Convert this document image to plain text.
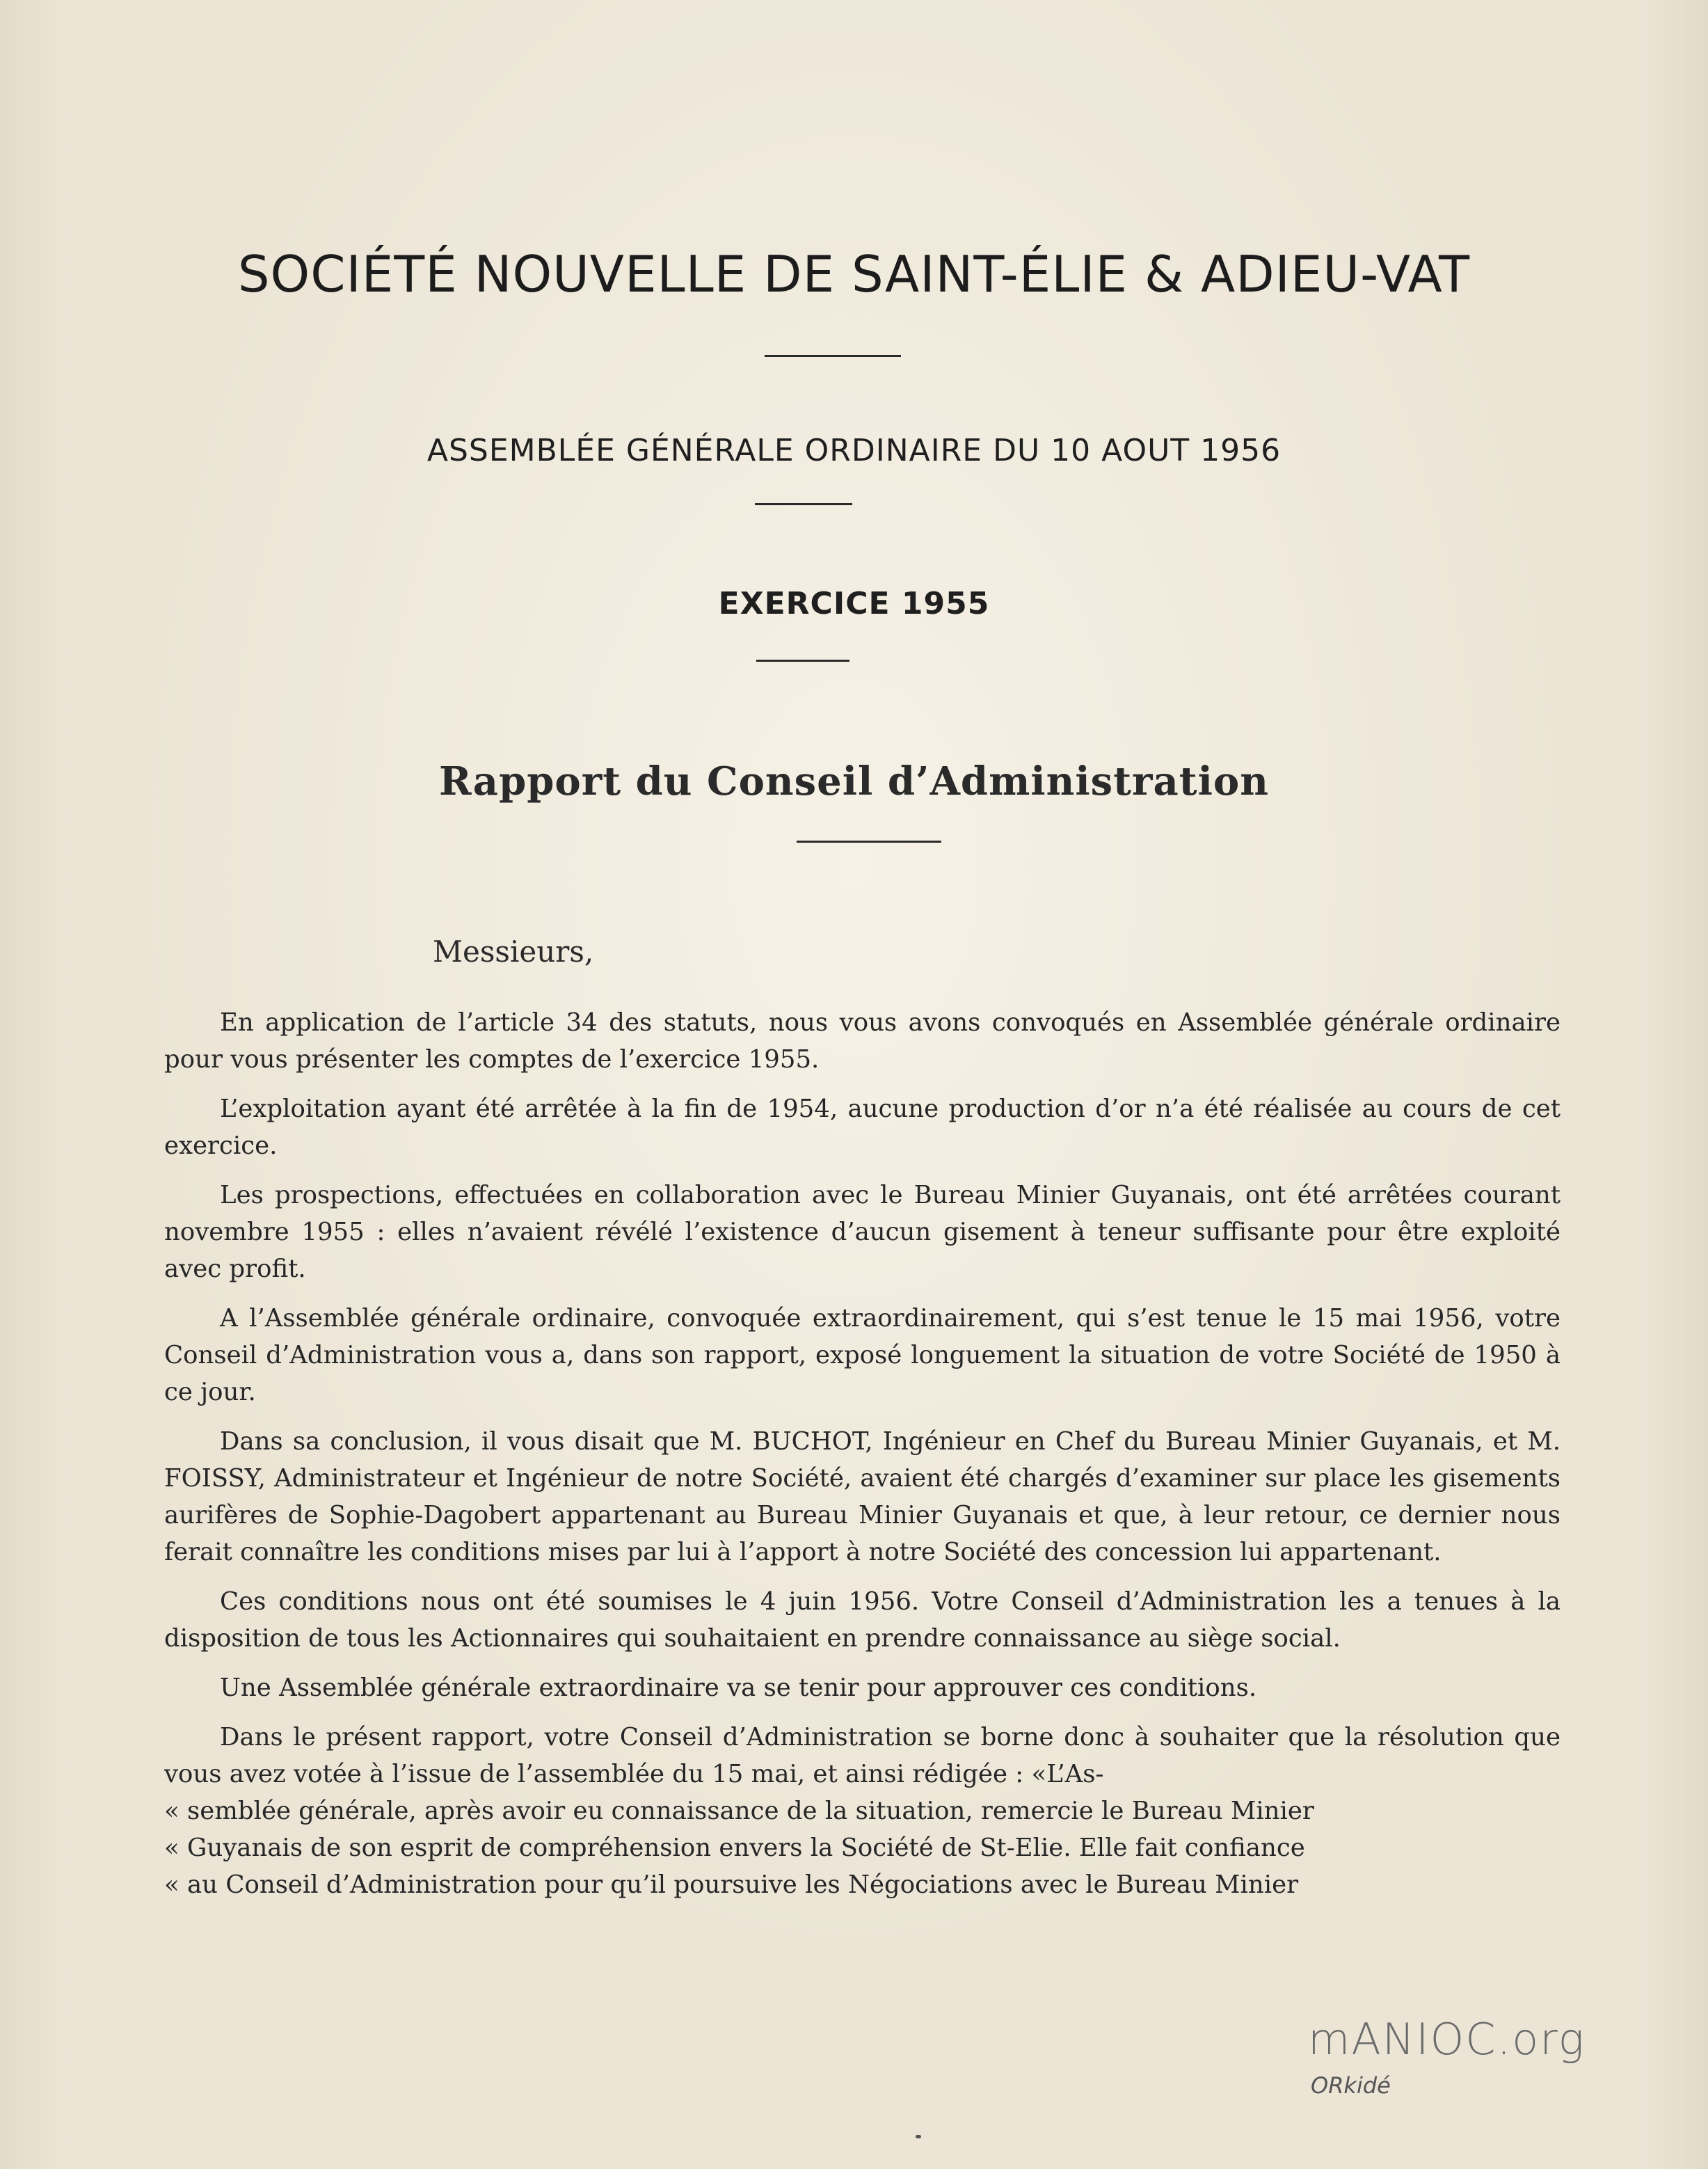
SOCIÉTÉ NOUVELLE DE SAINT-ÉLIE & ADIEU-VAT
ASSEMBLÉE GÉNÉRALE ORDINAIRE DU 10 AOUT 1956
EXERCICE 1955
Rapport du Conseil d’Administration
Messieurs,

En application de l’article 34 des statuts, nous vous avons convoqués en Assemblée générale ordinaire pour vous présenter les comptes de l’exercice 1955.

L’exploitation ayant été arrêtée à la fin de 1954, aucune production d’or n’a été réalisée au cours de cet exercice.

Les prospections, effectuées en collaboration avec le Bureau Minier Guyanais, ont été arrêtées courant novembre 1955 : elles n’avaient révélé l’existence d’aucun gisement à teneur suffisante pour être exploité avec profit.

A l’Assemblée générale ordinaire, convoquée extraordinairement, qui s’est tenue le 15 mai 1956, votre Conseil d’Administration vous a, dans son rapport, exposé longuement la situation de votre Société de 1950 à ce jour.

Dans sa conclusion, il vous disait que M. BUCHOT, Ingénieur en Chef du Bureau Minier Guyanais, et M. FOISSY, Administrateur et Ingénieur de notre Société, avaient été chargés d’examiner sur place les gisements aurifères de Sophie-Dagobert appartenant au Bureau Minier Guyanais et que, à leur retour, ce dernier nous ferait connaître les conditions mises par lui à l’apport à notre Société des concession lui appartenant.

Ces conditions nous ont été soumises le 4 juin 1956. Votre Conseil d’Administration les a tenues à la disposition de tous les Actionnaires qui souhaitaient en prendre connaissance au siège social.

Une Assemblée générale extraordinaire va se tenir pour approuver ces conditions.

Dans le présent rapport, votre Conseil d’Administration se borne donc à souhaiter que la résolution que vous avez votée à l’issue de l’assemblée du 15 mai, et ainsi rédigée : «L’As-

« semblée générale, après avoir eu connaissance de la situation, remercie le Bureau Minier

« Guyanais de son esprit de compréhension envers la Société de St-Elie. Elle fait confiance

« au Conseil d’Administration pour qu’il poursuive les Négociations avec le Bureau Minier

mANIOC.org
ORkidé
